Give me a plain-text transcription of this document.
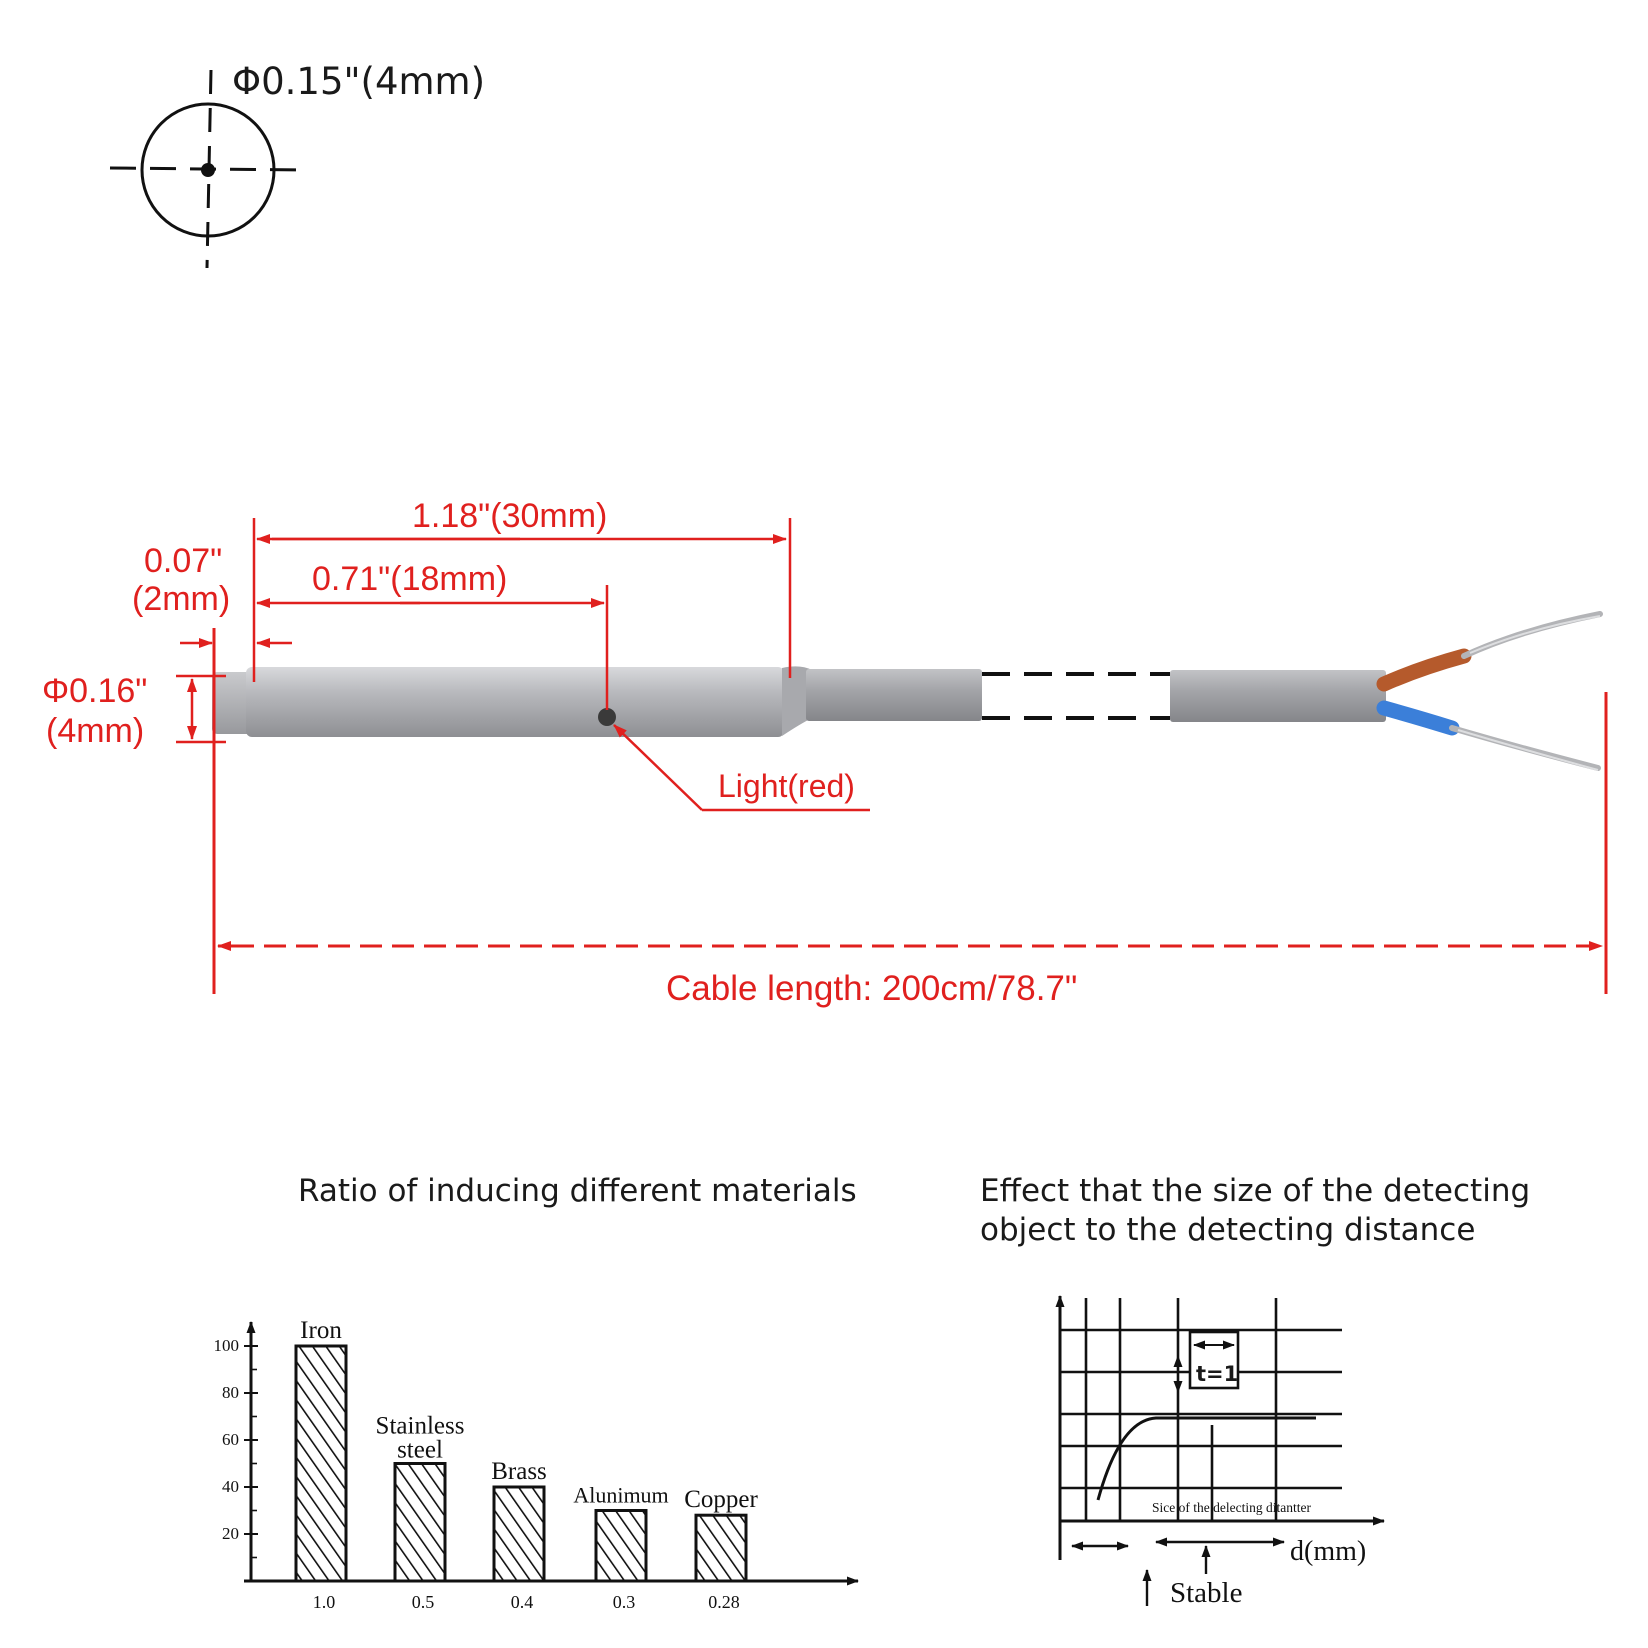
Φ0.15"(4mm)
1.18"(30mm)
0.71"(18mm)
0.07"
(2mm)
Φ0.16"
(4mm)
Light(red)
Cable length: 200cm/78.7"
Ratio of inducing different materials
20
40
60
80
100
Iron
1.0
Stainless
steel
0.5
Brass
0.4
Alunimum
0.3
Copper
0.28
Effect that the size of the detecting
object to the detecting distance
t=1
Sice of the delecting ditantter
d(mm)
Stable
